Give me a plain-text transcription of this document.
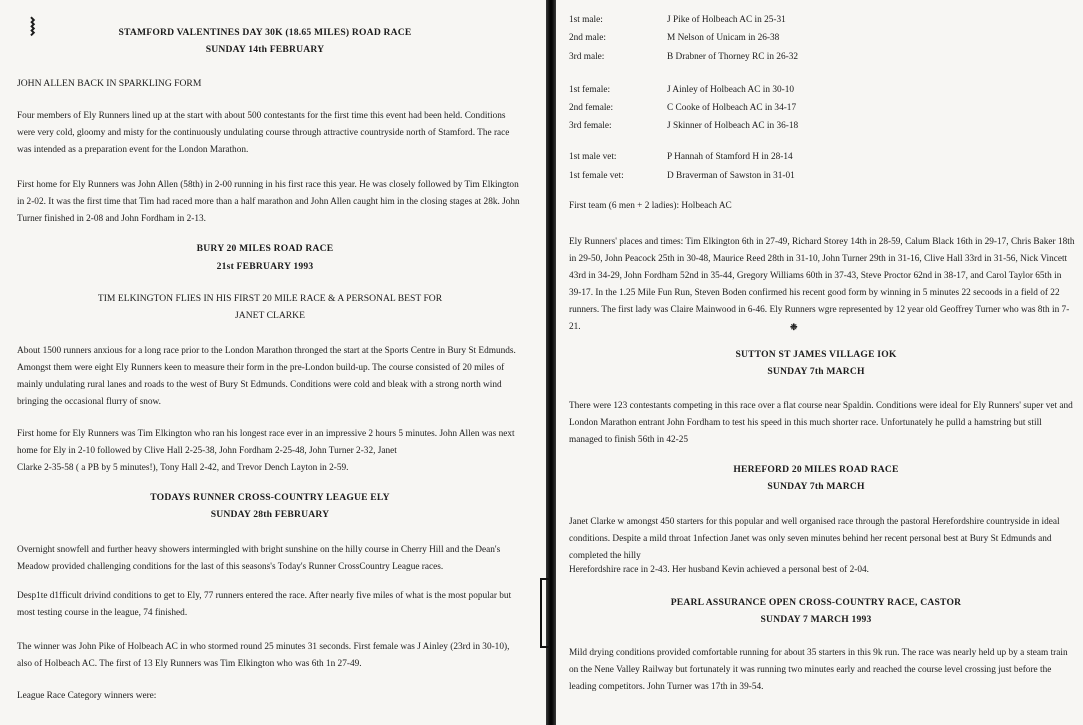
⧘	STAMFORD VALENTINES DAY 30K (18.65 MILES) ROAD RACE
SUNDAY 14th FEBRUARY
JOHN ALLEN BACK IN SPARKLING FORM

Four members of Ely Runners lined up at the start with about 500 contestants for the first time this event had been held. Conditions were very cold, gloomy and misty for the continuously undulating course through attractive countryside north of Stamford. The race was intended as a preparation event for the London Marathon.

First home for Ely Runners was John Allen (58th) in 2-00 running in his first race this year. He was closely followed by Tim Elkington in 2-02. It was the first time that Tim had raced more than a half marathon and John Allen caught him in the closing stages at 28k. John Turner finished in 2-08 and John Fordham in 2-13.

BURY 20 MILES ROAD RACE
21st FEBRUARY 1993
TIM ELKINGTON FLIES IN HIS FIRST 20 MILE RACE & A PERSONAL BEST FOR
JANET CLARKE

About 1500 runners anxious for a long race prior to the London Marathon thronged the start at the Sports Centre in Bury St Edmunds. Amongst them were eight Ely Runners keen to measure their form in the pre-London build-up. The course consisted of 20 miles of mainly undulating rural lanes and roads to the west of Bury St Edmunds. Conditions were cold and bleak with a strong north wind bringing the occasional flurry of snow.

First home for Ely Runners was Tim Elkington who ran his longest race ever in an impressive 2 hours 5 minutes. John Allen was next home for Ely in 2-10 followed by Clive Hall 2-25-38, John Fordham 2-25-48, John Turner 2-32, Janet

Clarke 2-35-58 ( a PB by 5 minutes!), Tony Hall 2-42, and Trevor Dench Layton in 2-59.

TODAYS RUNNER CROSS-COUNTRY LEAGUE ELY
SUNDAY 28th FEBRUARY

Overnight snowfell and further heavy showers intermingled with bright sunshine on the hilly course in Cherry Hill and the Dean's Meadow provided challenging conditions for the last of this seasons's Today's Runner CrossCountry League races.

Desp1te d1fficult drivind conditions to get to Ely, 77 runners entered the race. After nearly five miles of what is the most popular but most testing course in the league, 74 finished.

The winner was John Pike of Holbeach AC in who stormed round 25 minutes 31 seconds. First female was J Ainley (23rd in 30-10), also of Holbeach AC. The first of 13 Ely Runners was Tim Elkington who was 6th 1n 27-49.

League Race Category winners were:

1st male:	J Pike of Holbeach AC in 25-31
2nd male:	M Nelson of Unicam in 26-38
3rd male:	B Drabner of Thorney RC in 26-32
1st female:	J Ainley of Holbeach AC in 30-10
2nd female:	C Cooke of Holbeach AC in 34-17
3rd female:	J Skinner of Holbeach AC in 36-18
1st male vet:	P Hannah of Stamford H in 28-14
1st female vet:	D Braverman of Sawston in 31-01
First team (6 men + 2 ladies): Holbeach AC

Ely Runners' places and times: Tim Elkington 6th in 27-49, Richard Storey 14th in 28-59, Calum Black 16th in 29-17, Chris Baker 18th in 29-50, John Peacock 25th in 30-48, Maurice Reed 28th in 31-10, John Turner 29th in 31-16, Clive Hall 33rd in 31-56, Nick Vincett 43rd in 34-29, John Fordham 52nd in 35-44, Gregory Williams 60th in 37-43, Steve Proctor 62nd in 38-17, and Carol Taylor 65th in 39-17. In the 1.25 Mile Fun Run, Steven Boden confirmed his recent good form by winning in 5 minutes 22 secoods in a field of 22 runners. The first lady was Claire Mainwood in 6-46. Ely Runners wgre represented by 12 year old Geoffrey Turner who was 8th in 7-21.	❉
SUTTON ST JAMES VILLAGE IOK
SUNDAY 7th MARCH

There were 123 contestants competing in this race over a flat course near Spaldin. Conditions were ideal for Ely Runners' super vet and London Marathon entrant John Fordham to test his speed in this much shorter race. Unfortunately he pulld a hamstring but still managed to finish 56th in 42-25

HEREFORD 20 MILES ROAD RACE
SUNDAY 7th MARCH

Janet Clarke w amongst 450 starters for this popular and well organised race through the pastoral Herefordshire countryside in ideal conditions. Despite a mild throat 1nfection Janet was only seven minutes behind her recent personal best at Bury St Edmunds and completed the hilly

Herefordshire race in 2-43. Her husband Kevin achieved a personal best of 2-04.

PEARL ASSURANCE OPEN CROSS-COUNTRY RACE, CASTOR
SUNDAY 7 MARCH 1993

Mild drying conditions provided comfortable running for about 35 starters in this 9k run. The race was nearly held up by a steam train on the Nene Valley Railway but fortunately it was running two minutes early and reached the course level crossing just before the leading competitors. John Turner was 17th in 39-54.
